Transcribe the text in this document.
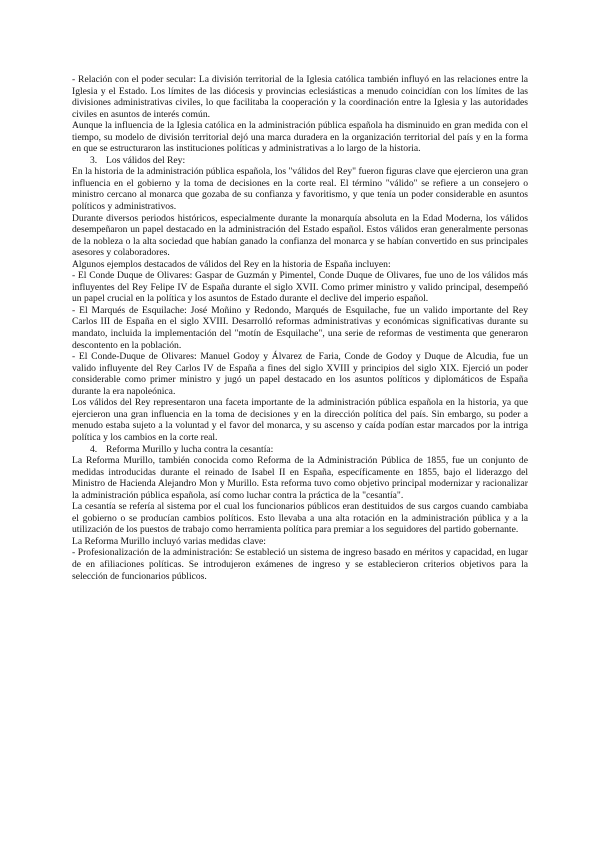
- Relación con el poder secular: La división territorial de la Iglesia católica también influyó en las relaciones entre la Iglesia y el Estado. Los límites de las diócesis y provincias eclesiásticas a menudo coincidían con los límites de las divisiones administrativas civiles, lo que facilitaba la cooperación y la coordinación entre la Iglesia y las autoridades civiles en asuntos de interés común.

Aunque la influencia de la Iglesia católica en la administración pública española ha disminuido en gran medida con el tiempo, su modelo de división territorial dejó una marca duradera en la organización territorial del país y en la forma en que se estructuraron las instituciones políticas y administrativas a lo largo de la historia.

3. Los válidos del Rey:

En la historia de la administración pública española, los "válidos del Rey" fueron figuras clave que ejercieron una gran influencia en el gobierno y la toma de decisiones en la corte real. El término "válido" se refiere a un consejero o ministro cercano al monarca que gozaba de su confianza y favoritismo, y que tenía un poder considerable en asuntos políticos y administrativos.

Durante diversos periodos históricos, especialmente durante la monarquía absoluta en la Edad Moderna, los válidos desempeñaron un papel destacado en la administración del Estado español. Estos válidos eran generalmente personas de la nobleza o la alta sociedad que habían ganado la confianza del monarca y se habían convertido en sus principales asesores y colaboradores.

Algunos ejemplos destacados de válidos del Rey en la historia de España incluyen:

- El Conde Duque de Olivares: Gaspar de Guzmán y Pimentel, Conde Duque de Olivares, fue uno de los válidos más influyentes del Rey Felipe IV de España durante el siglo XVII. Como primer ministro y valido principal, desempeñó un papel crucial en la política y los asuntos de Estado durante el declive del imperio español.

- El Marqués de Esquilache: José Moñino y Redondo, Marqués de Esquilache, fue un valido importante del Rey Carlos III de España en el siglo XVIII. Desarrolló reformas administrativas y económicas significativas durante su mandato, incluida la implementación del "motín de Esquilache", una serie de reformas de vestimenta que generaron descontento en la población.

- El Conde-Duque de Olivares: Manuel Godoy y Álvarez de Faria, Conde de Godoy y Duque de Alcudia, fue un valido influyente del Rey Carlos IV de España a fines del siglo XVIII y principios del siglo XIX. Ejerció un poder considerable como primer ministro y jugó un papel destacado en los asuntos políticos y diplomáticos de España durante la era napoleónica.

Los válidos del Rey representaron una faceta importante de la administración pública española en la historia, ya que ejercieron una gran influencia en la toma de decisiones y en la dirección política del país. Sin embargo, su poder a menudo estaba sujeto a la voluntad y el favor del monarca, y su ascenso y caída podían estar marcados por la intriga política y los cambios en la corte real.

4. Reforma Murillo y lucha contra la cesantía:

La Reforma Murillo, también conocida como Reforma de la Administración Pública de 1855, fue un conjunto de medidas introducidas durante el reinado de Isabel II en España, específicamente en 1855, bajo el liderazgo del Ministro de Hacienda Alejandro Mon y Murillo. Esta reforma tuvo como objetivo principal modernizar y racionalizar la administración pública española, así como luchar contra la práctica de la "cesantía".

La cesantía se refería al sistema por el cual los funcionarios públicos eran destituidos de sus cargos cuando cambiaba el gobierno o se producían cambios políticos. Esto llevaba a una alta rotación en la administración pública y a la utilización de los puestos de trabajo como herramienta política para premiar a los seguidores del partido gobernante.

La Reforma Murillo incluyó varias medidas clave:

- Profesionalización de la administración: Se estableció un sistema de ingreso basado en méritos y capacidad, en lugar de en afiliaciones políticas. Se introdujeron exámenes de ingreso y se establecieron criterios objetivos para la selección de funcionarios públicos.
